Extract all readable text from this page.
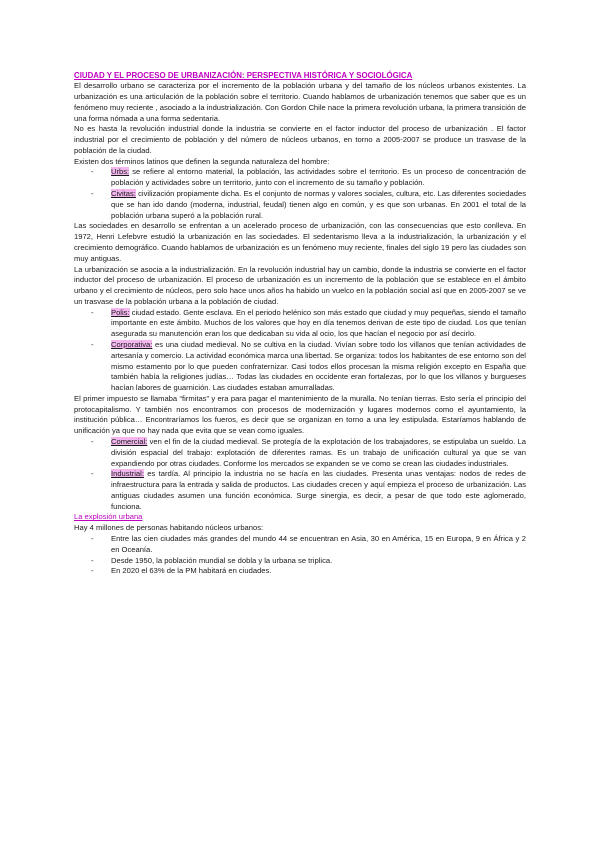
CIUDAD Y EL PROCESO DE URBANIZACIÓN: PERSPECTIVA HISTÓRICA Y SOCIOLÓGICA

El desarrollo urbano se caracteriza por el incremento de la población urbana y del tamaño de los núcleos urbanos existentes. La urbanización es una articulación de la población sobre el territorio. Cuando hablamos de urbanización tenemos que saber que es un fenómeno muy reciente , asociado a la industrialización. Con Gordon Chile nace la primera revolución urbana, la primera transición de una forma nómada a una forma sedentaria.

No es hasta la revolución industrial donde la industria se convierte en el factor inductor del proceso de urbanización . El factor industrial por el crecimiento de población y del número de núcleos urbanos, en torno a 2005-2007 se produce un trasvase de la población de la ciudad.

Existen dos términos latinos que definen la segunda naturaleza del hombre:

- Urbs: se refiere al entorno material, la población, las actividades sobre el territorio. Es un proceso de concentración de población y actividades sobre un territorio, junto con el incremento de su tamaño y población.
- Civitas: civilización propiamente dicha. Es el conjunto de normas y valores sociales, cultura, etc. Las diferentes sociedades que se han ido dando (moderna, industrial, feudal) tienen algo en común, y es que son urbanas. En 2001 el total de la población urbana superó a la población rural.

Las sociedades en desarrollo se enfrentan a un acelerado proceso de urbanización, con las consecuencias que esto conlleva. En 1972, Henri Lefebvre estudió la urbanización en las sociedades. El sedentarismo lleva a la industrialización, la urbanización y el crecimiento demográfico. Cuando hablamos de urbanización es un fenómeno muy reciente, finales del siglo 19 pero las ciudades son muy antiguas.

La urbanización se asocia a la industrialización. En la revolución industrial hay un cambio, donde la industria se convierte en el factor inductor del proceso de urbanización. El proceso de urbanización es un incremento de la población que se establece en el ámbito urbano y el crecimiento de núcleos, pero solo hace unos años ha habido un vuelco en la población social así que en 2005-2007 se ve un trasvase de la población urbana a la población de ciudad.

- Polis: ciudad estado. Gente esclava. En el periodo helénico son más estado que ciudad y muy pequeñas, siendo el tamaño importante en este ámbito. Muchos de los valores que hoy en día tenemos derivan de este tipo de ciudad. Los que tenían asegurada su manutención eran los que dedicaban su vida al ocio, los que hacían el negocio por así decirlo.
- Corporativa: es una ciudad medieval. No se cultiva en la ciudad. Vivían sobre todo los villanos que tenían actividades de artesanía y comercio. La actividad económica marca una libertad. Se organiza: todos los habitantes de ese entorno son del mismo estamento por lo que pueden confraternizar. Casi todos ellos procesan la misma religión excepto en España que también había la religiones judías… Todas las ciudades en occidente eran fortalezas, por lo que los villanos y burgueses hacían labores de guarnición. Las ciudades estaban amurralladas.

El primer impuesto se llamaba “firmitas” y era para pagar el mantenimiento de la muralla. No tenían tierras. Esto sería el principio del protocapitalismo. Y también nos encontramos con procesos de modernización y lugares modernos como el ayuntamiento, la institución pública… Encontraríamos los fueros, es decir que se organizan en torno a una ley estipulada. Estaríamos hablando de unificación ya que no hay nada que evita que se vean como iguales.

- Comercial: ven el fin de la ciudad medieval. Se protegía de la explotación de los trabajadores, se estipulaba un sueldo. La división espacial del trabajo: explotación de diferentes ramas. Es un trabajo de unificación cultural ya que se van expandiendo por otras ciudades. Conforme los mercados se expanden se ve como se crean las ciudades industriales.
- Industrial: es tardía. Al principio la industria no se hacía en las ciudades. Presenta unas ventajas: nodos de redes de infraestructura para la entrada y salida de productos. Las ciudades crecen y aquí empieza el proceso de urbanización. Las antiguas ciudades asumen una función económica. Surge sinergia, es decir, a pesar de que todo este aglomerado, funciona.

La explosión urbana

Hay 4 millones de personas habitando núcleos urbanos:

- Entre las cien ciudades más grandes del mundo 44 se encuentran en Asia, 30 en América, 15 en Europa, 9 en África y 2 en Oceanía.
- Desde 1950, la población mundial se dobla y la urbana se triplica.
- En 2020 el 63% de la PM habitará en ciudades.
